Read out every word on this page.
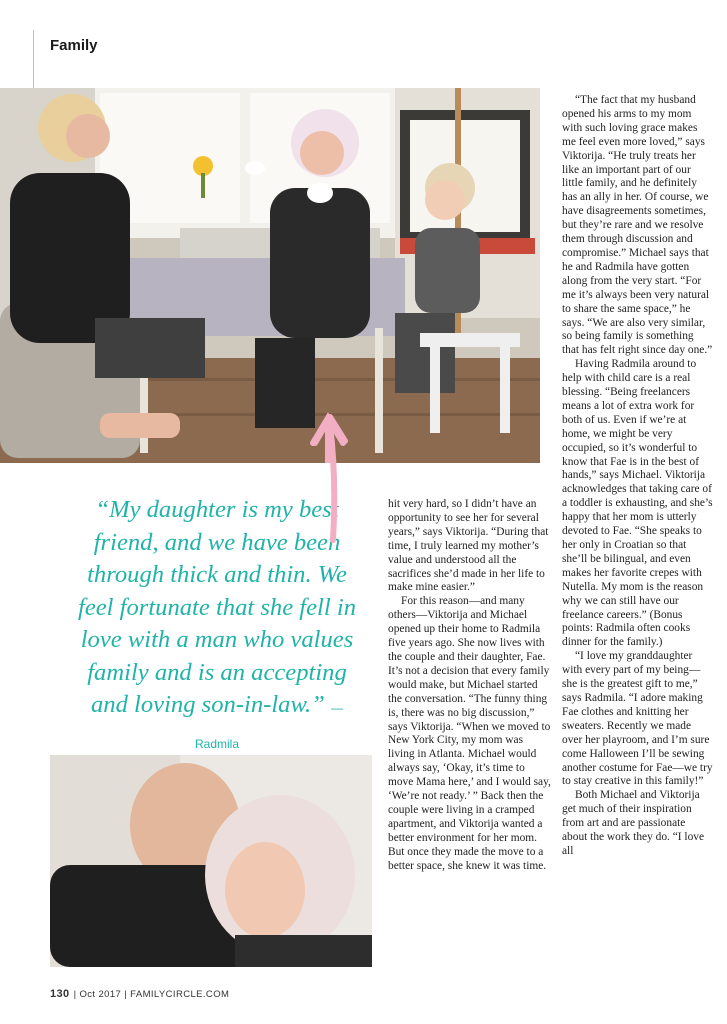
Family
“My daughter is my best friend, and we have been through thick and thin. We feel fortunate that she fell in love with a man who values family and is an accepting and loving son-in-law.” —Radmila

hit very hard, so I didn’t have an opportunity to see her for several years,” says Viktorija. “During that time, I truly learned my mother’s value and understood all the sacrifices she’d made in her life to make mine easier.”

For this reason—and many others—Viktorija and Michael opened up their home to Radmila five years ago. She now lives with the couple and their daughter, Fae. It’s not a decision that every family would make, but Michael started the conversation. “The funny thing is, there was no big discussion,” says Viktorija. “When we moved to New York City, my mom was living in Atlanta. Michael would always say, ‘Okay, it’s time to move Mama here,’ and I would say, ‘We’re not ready.’ ” Back then the couple were living in a cramped apartment, and Viktorija wanted a better environment for her mom. But once they made the move to a better space, she knew it was time.

“The fact that my husband opened his arms to my mom with such loving grace makes me feel even more loved,” says Viktorija. “He truly treats her like an important part of our little family, and he definitely has an ally in her. Of course, we have disagreements sometimes, but they’re rare and we resolve them through discussion and compromise.” Michael says that he and Radmila have gotten along from the very start. “For me it’s always been very natural to share the same space,” he says. “We are also very similar, so being family is something that has felt right since day one.”

Having Radmila around to help with child care is a real blessing. “Being freelancers means a lot of extra work for both of us. Even if we’re at home, we might be very occupied, so it’s wonderful to know that Fae is in the best of hands,” says Michael. Viktorija acknowledges that taking care of a toddler is exhausting, and she’s happy that her mom is utterly devoted to Fae. “She speaks to her only in Croatian so that she’ll be bilingual, and even makes her favorite crepes with Nutella. My mom is the reason why we can still have our freelance careers.” (Bonus points: Radmila often cooks dinner for the family.)

“I love my granddaughter with every part of my being—she is the greatest gift to me,” says Radmila. “I adore making Fae clothes and knitting her sweaters. Recently we made over her playroom, and I’m sure come Halloween I’ll be sewing another costume for Fae—we try to stay creative in this family!”

Both Michael and Viktorija get much of their inspiration from art and are passionate about the work they do. “I love all

130 | Oct 2017 | FAMILYCIRCLE.COM
